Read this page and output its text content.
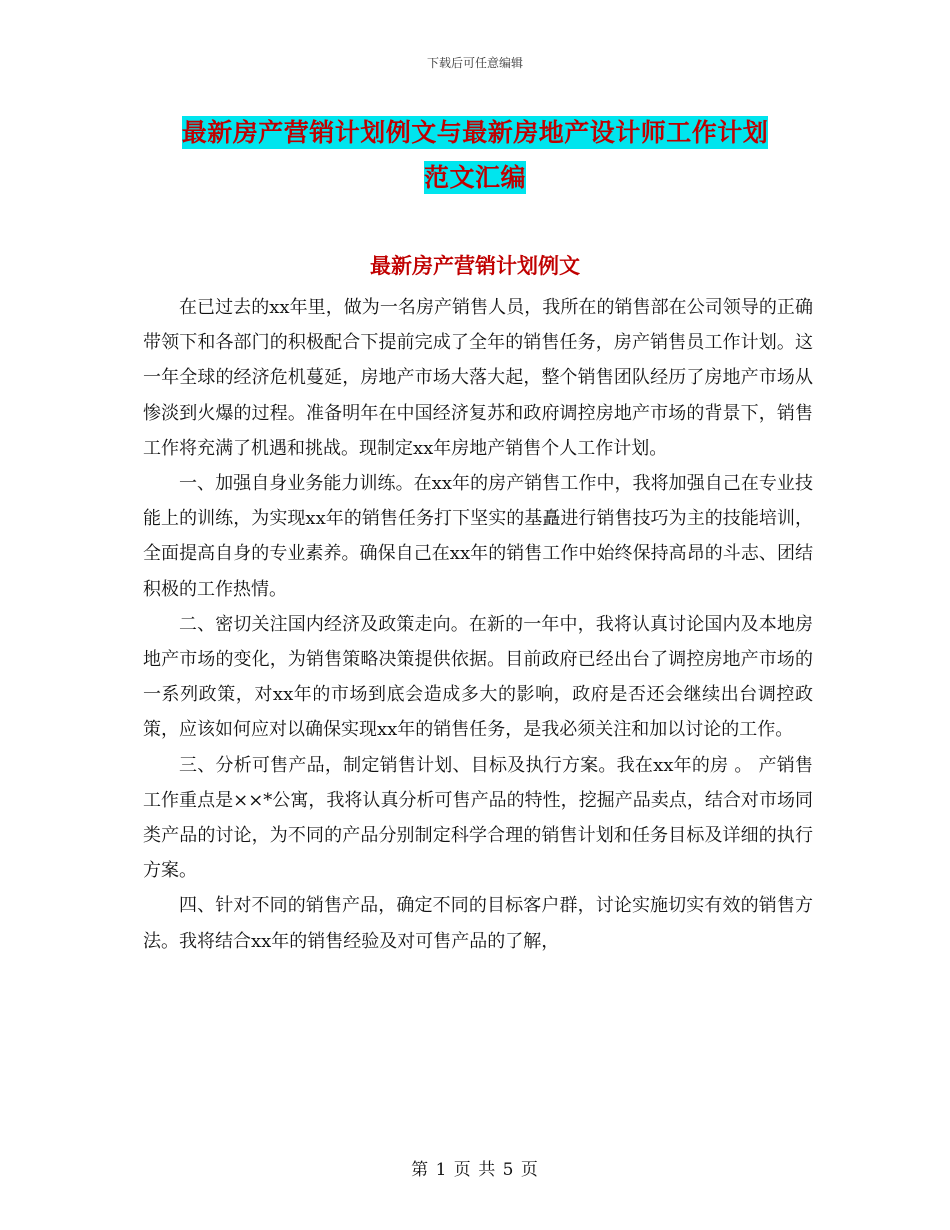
下载后可任意编辑
最新房产营销计划例文与最新房地产设计师工作计划
范文汇编
最新房产营销计划例文

在已过去的xx年里，做为一名房产销售人员，我所在的销售部在公司领导的正确带领下和各部门的积极配合下提前完成了全年的销售任务，房产销售员工作计划。这一年全球的经济危机蔓延，房地产市场大落大起，整个销售团队经历了房地产市场从惨淡到火爆的过程。准备明年在中国经济复苏和政府调控房地产市场的背景下，销售工作将充满了机遇和挑战。现制定xx年房地产销售个人工作计划。

一、加强自身业务能力训练。在xx年的房产销售工作中，我将加强自己在专业技能上的训练，为实现xx年的销售任务打下坚实的基矗进行销售技巧为主的技能培训，全面提高自身的专业素养。确保自己在xx年的销售工作中始终保持高昂的斗志、团结积极的工作热情。

二、密切关注国内经济及政策走向。在新的一年中，我将认真讨论国内及本地房地产市场的变化，为销售策略决策提供依据。目前政府已经出台了调控房地产市场的一系列政策，对xx年的市场到底会造成多大的影响，政府是否还会继续出台调控政策，应该如何应对以确保实现xx年的销售任务，是我必须关注和加以讨论的工作。

三、分析可售产品，制定销售计划、目标及执行方案。我在xx年的房 。 产销售工作重点是××*公寓，我将认真分析可售产品的特性，挖掘产品卖点，结合对市场同类产品的讨论，为不同的产品分别制定科学合理的销售计划和任务目标及详细的执行方案。

四、针对不同的销售产品，确定不同的目标客户群，讨论实施切实有效的销售方法。我将结合xx年的销售经验及对可售产品的了解，

第 1 页 共 5 页
